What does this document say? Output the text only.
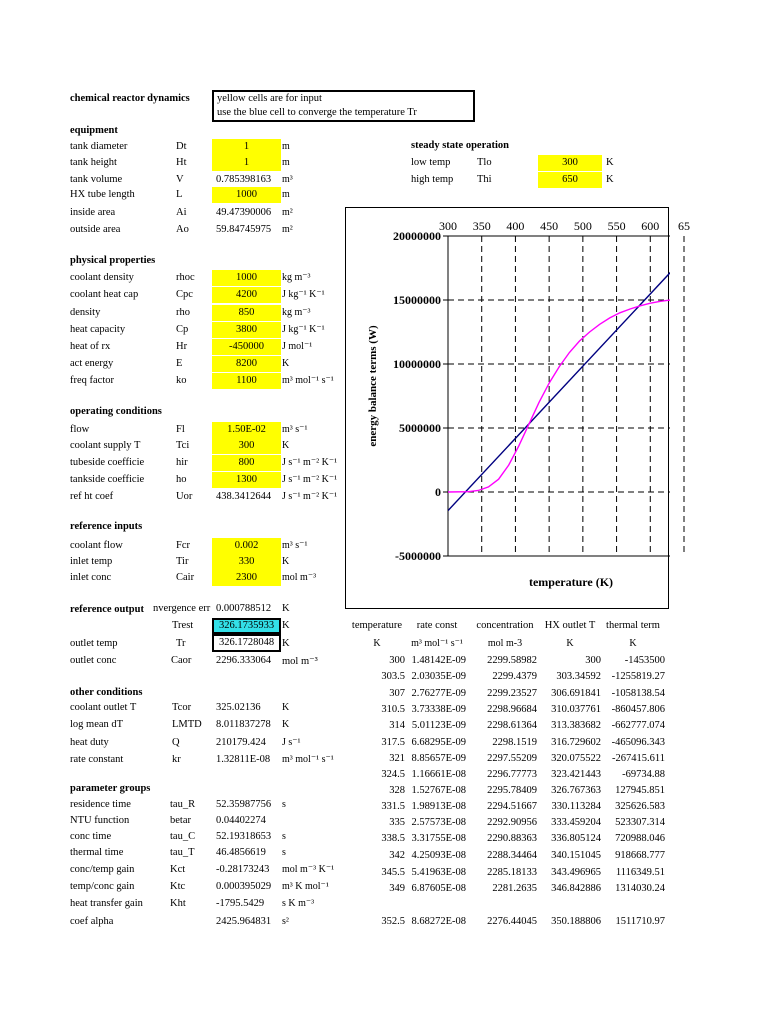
chemical reactor dynamics	yellow cells are for input
use the blue cell to converge the temperature Tr
equipment
physical properties
operating conditions
reference inputs
other conditions
parameter groups
steady state operation
tank diameter	Dt	1	m
tank height	Ht	1	m
tank volume	V	0.785398163 m³
HX tube length	L	1000	m
inside area	Ai	49.47390006 m²
outside area	Ao	59.84745975 m²
coolant density	rhoc	1000	kg m⁻³
coolant heat cap	Cpc	4200	J kg⁻¹ K⁻¹
density	rho	850	kg m⁻³
heat capacity	Cp	3800	J kg⁻¹ K⁻¹
heat of rx	Hr	-450000	J mol⁻¹
act energy	E	8200	K
freq factor	ko	1100	m³ mol⁻¹ s⁻¹
flow	Fl	1.50E-02	m³ s⁻¹
coolant supply T	Tci	300	K
tubeside coefficie	hir	800	J s⁻¹ m⁻² K⁻¹
tankside coefficie	ho	1300	J s⁻¹ m⁻² K⁻¹
ref ht coef	Uor 438.3412644 J s⁻¹ m⁻² K⁻¹
coolant flow	Fcr	0.002	m³ s⁻¹
inlet temp	Tir	330	K
inlet conc	Cair	2300	mol m⁻³
reference output nvergence err 0.000788512 K
Trest	326.1735933 K
outlet temp	Tr	326.1728048 K
outlet conc	Caor 2296.333064 mol m⁻³
coolant outlet T	Tcor 325.02136 K
log mean dT	LMTD 8.011837278 K
heat duty	Q	210179.424 J s⁻¹
rate constant	kr	1.32811E-08 m³ mol⁻¹ s⁻¹
residence time	tau_R 52.35987756 s
NTU function	betar 0.04402274
conc time	tau_C 52.19318653 s
thermal time	tau_T 46.4856619 s
conc/temp gain	Kct	-0.28173243 mol m⁻³ K⁻¹
temp/conc gain	Ktc	0.000395029 m³ K mol⁻¹
heat transfer gain	Kht	-1795.5429 s K m⁻³
coef alpha	2425.964831 s²
low temp	Tlo	300	K
high temp Thi	650	K
300 350 400 450 500 550 600 65
20000000
15000000
10000000
5000000
0
-5000000
temperature (K)
energy balance terms (W)
temperature	rate const	concentration	HX outlet T	thermal term
K	m³ mol⁻¹ s⁻¹	mol m-3	K	K
300 1.48142E-09	2299.58982	300	-1453500
303.5 2.03035E-09	2299.4379	303.34592	-1255819.27
307 2.76277E-09	2299.23527	306.691841	-1058138.54
310.5 3.73338E-09	2298.96684	310.037761	-860457.806
314 5.01123E-09	2298.61364	313.383682	-662777.074
317.5 6.68295E-09	2298.1519	316.729602	-465096.343
321 8.85657E-09	2297.55209	320.075522	-267415.611
324.5 1.16661E-08	2296.77773	323.421443	-69734.88
328 1.52767E-08	2295.78409	326.767363	127945.851
331.5 1.98913E-08	2294.51667	330.113284	325626.583
335 2.57573E-08	2292.90956	333.459204	523307.314
338.5 3.31755E-08	2290.88363	336.805124	720988.046
342 4.25093E-08	2288.34464	340.151045	918668.777
345.5 5.41963E-08	2285.18133	343.496965	1116349.51
349 6.87605E-08	2281.2635	346.842886	1314030.24
352.5 8.68272E-08	2276.44045	350.188806	1511710.97
